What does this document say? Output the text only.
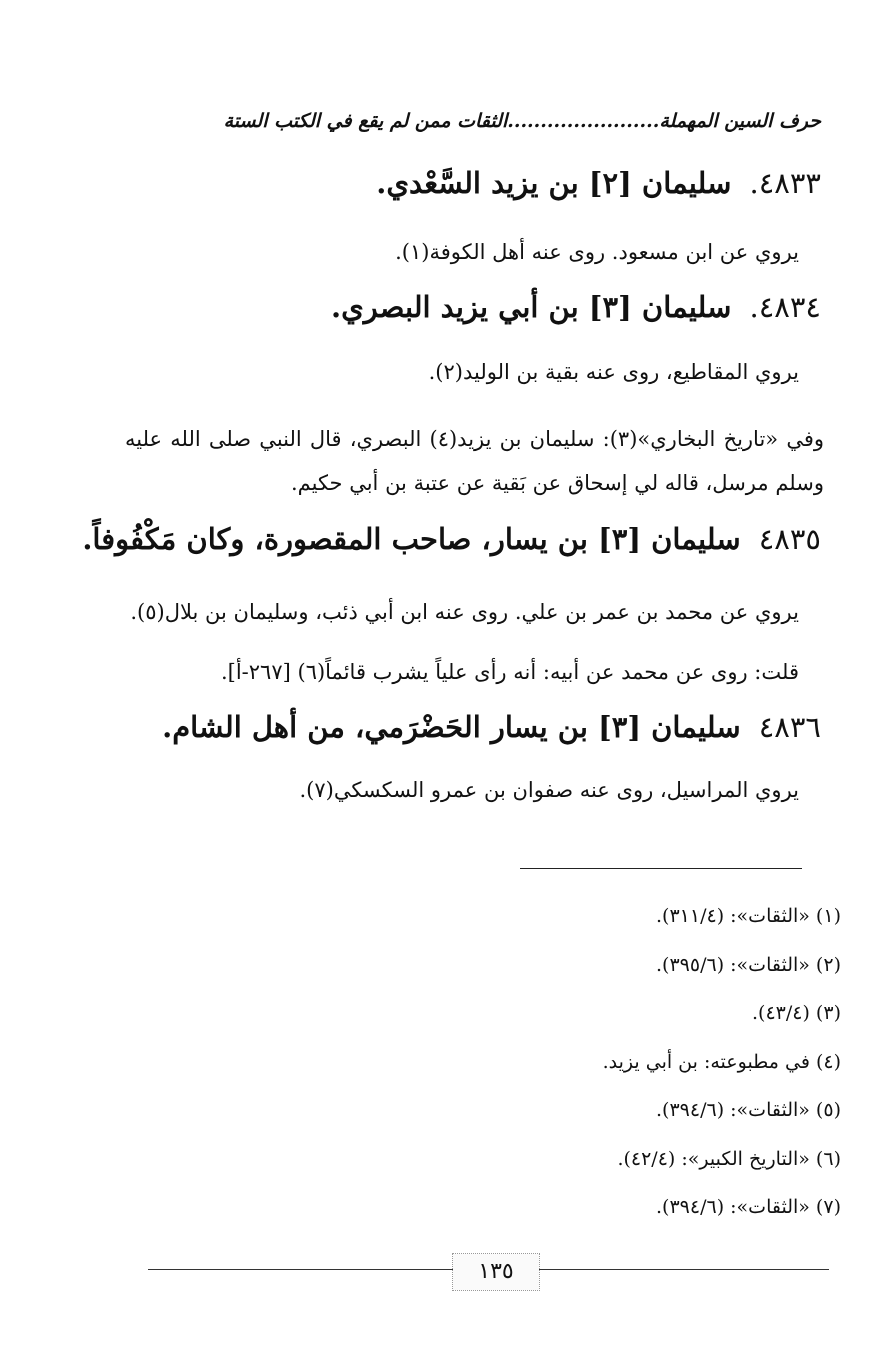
حرف السين المهملة.......................الثقات ممن لم يقع في الكتب الستة
٤٨٣٣.سليمان [٢] بن يزيد السَّعْدي.
يروي عن ابن مسعود. روى عنه أهل الكوفة(١).
٤٨٣٤.سليمان [٣] بن أبي يزيد البصري.
يروي المقاطيع، روى عنه بقية بن الوليد(٢).
وفي «تاريخ البخاري»(٣): سليمان بن يزيد(٤) البصري، قال النبي صلى الله عليه وسلم مرسل، قاله لي إسحاق عن بَقية عن عتبة بن أبي حكيم.
٤٨٣٥سليمان [٣] بن يسار، صاحب المقصورة، وكان مَكْفُوفاً.
يروي عن محمد بن عمر بن علي. روى عنه ابن أبي ذئب، وسليمان بن بلال(٥).
قلت: روى عن محمد عن أبيه: أنه رأى علياً يشرب قائماً(٦) [٢٦٧-أ].
٤٨٣٦سليمان [٣] بن يسار الحَضْرَمي، من أهل الشام.
يروي المراسيل، روى عنه صفوان بن عمرو السكسكي(٧).
(١) «الثقات»: (٣١١/٤).
(٢) «الثقات»: (٣٩٥/٦).
(٣) (٤٣/٤).
(٤) في مطبوعته: بن أبي يزيد.
(٥) «الثقات»: (٣٩٤/٦).
(٦) «التاريخ الكبير»: (٤٢/٤).
(٧) «الثقات»: (٣٩٤/٦).
١٣٥
